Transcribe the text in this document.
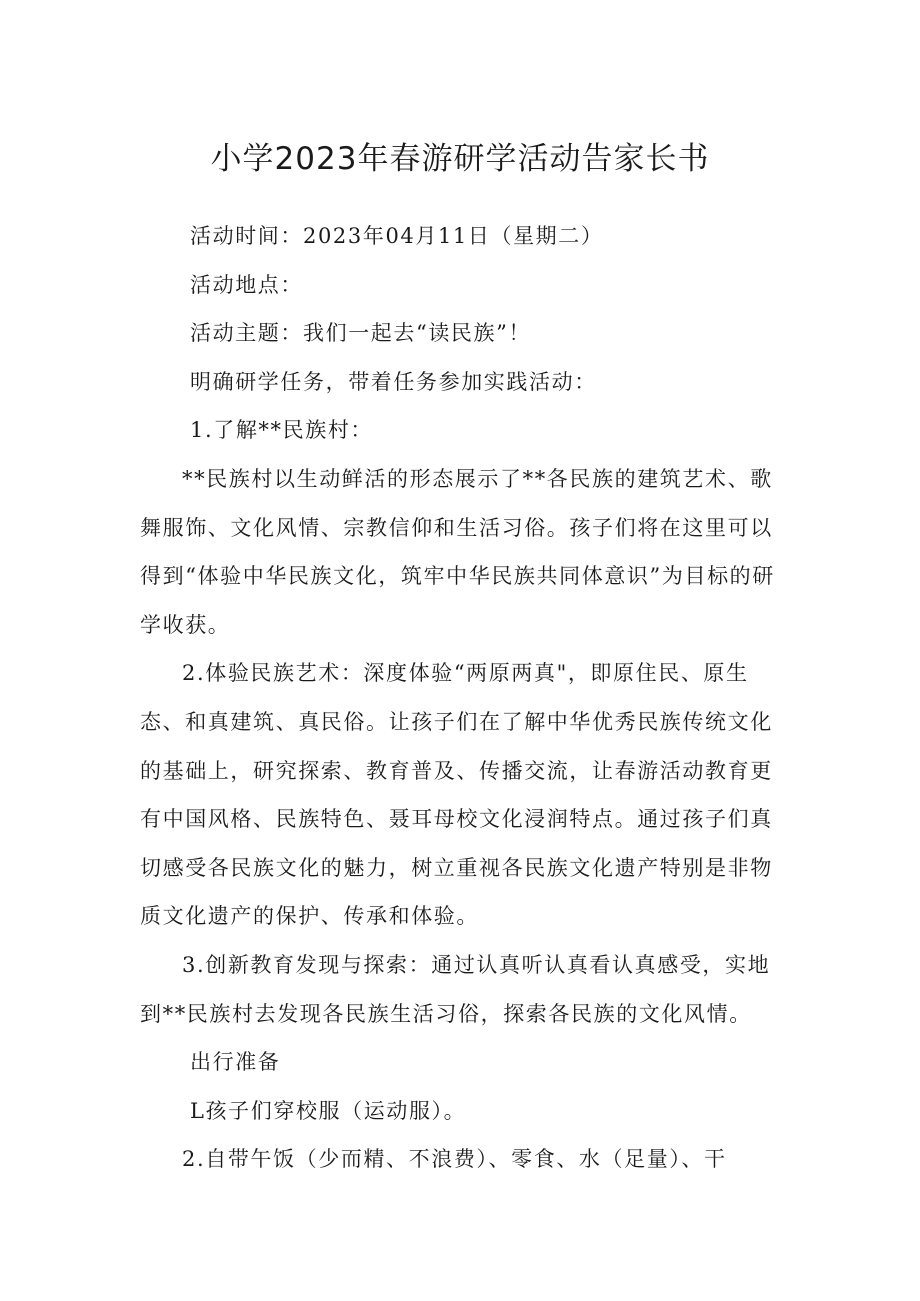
小学2023年春游研学活动告家长书

活动时间：2023年04月11日（星期二）

活动地点：

活动主题：我们一起去“读民族”！

明确研学任务，带着任务参加实践活动：

1.了解**民族村：

**民族村以生动鲜活的形态展示了**各民族的建筑艺术、歌舞服饰、文化风情、宗教信仰和生活习俗。孩子们将在这里可以得到“体验中华民族文化，筑牢中华民族共同体意识”为目标的研学收获。

2.体验民族艺术：深度体验“两原两真"，即原住民、原生态、和真建筑、真民俗。让孩子们在了解中华优秀民族传统文化的基础上，研究探索、教育普及、传播交流，让春游活动教育更有中国风格、民族特色、聂耳母校文化浸润特点。通过孩子们真切感受各民族文化的魅力，树立重视各民族文化遗产特别是非物质文化遗产的保护、传承和体验。

3.创新教育发现与探索：通过认真听认真看认真感受，实地到**民族村去发现各民族生活习俗，探索各民族的文化风情。

出行准备

L孩子们穿校服（运动服）。

2.自带午饭（少而精、不浪费）、零食、水（足量）、干
